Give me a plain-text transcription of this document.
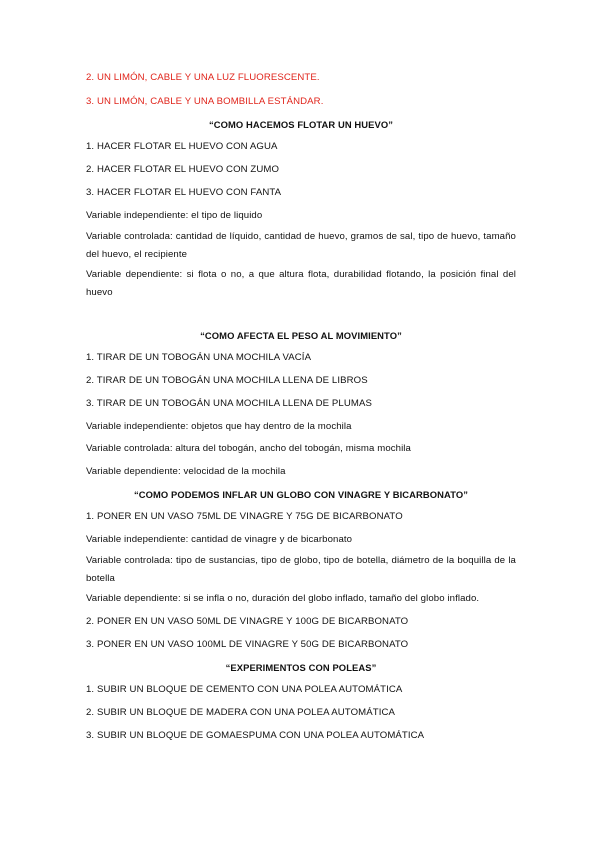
2. UN LIMÓN, CABLE Y UNA LUZ FLUORESCENTE.
3. UN LIMÓN, CABLE Y UNA BOMBILLA ESTÁNDAR.
“COMO HACEMOS FLOTAR UN HUEVO”
1. HACER FLOTAR EL HUEVO CON AGUA
2. HACER FLOTAR EL HUEVO CON ZUMO
3. HACER FLOTAR EL HUEVO CON FANTA
Variable independiente: el tipo de liquido
Variable controlada: cantidad de líquido, cantidad de huevo, gramos de sal, tipo de huevo, tamaño del huevo, el recipiente
Variable dependiente: si flota o no, a que altura flota, durabilidad flotando, la posición final del huevo
“COMO AFECTA EL PESO AL MOVIMIENTO”
1. TIRAR DE UN TOBOGÁN UNA MOCHILA VACÍA
2. TIRAR DE UN TOBOGÁN UNA MOCHILA LLENA DE LIBROS
3. TIRAR DE UN TOBOGÁN UNA MOCHILA LLENA DE PLUMAS
Variable independiente: objetos que hay dentro de la mochila
Variable controlada: altura del tobogán, ancho del tobogán, misma mochila
Variable dependiente: velocidad de la mochila
“COMO PODEMOS INFLAR UN GLOBO CON VINAGRE Y BICARBONATO”
1. PONER EN UN VASO 75ML DE VINAGRE Y 75G DE BICARBONATO
Variable independiente: cantidad de vinagre y de bicarbonato
Variable controlada: tipo de sustancias, tipo de globo, tipo de botella, diámetro de la boquilla de la botella
Variable dependiente: si se infla o no, duración del globo inflado, tamaño del globo inflado.
2. PONER EN UN VASO 50ML DE VINAGRE Y 100G DE BICARBONATO
3. PONER EN UN VASO 100ML DE VINAGRE Y 50G DE BICARBONATO
“EXPERIMENTOS CON POLEAS”
1. SUBIR UN BLOQUE DE CEMENTO CON UNA POLEA AUTOMÁTICA
2. SUBIR UN BLOQUE DE MADERA CON UNA POLEA AUTOMÁTICA
3. SUBIR UN BLOQUE DE GOMAESPUMA CON UNA POLEA AUTOMÁTICA
